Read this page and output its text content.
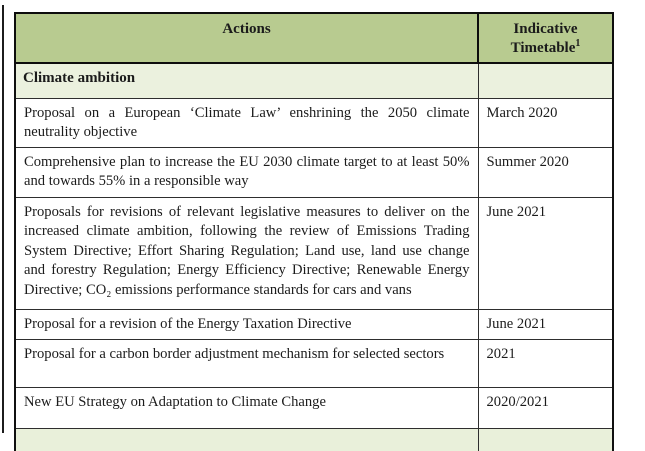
Actions	Indicative Timetable$^1$
Climate ambition	
Proposal on a European ‘Climate Law’ enshrining the 2050 climate neutrality objective	March 2020
Comprehensive plan to increase the EU 2030 climate target to at least 50% and towards 55% in a responsible way	Summer 2020
Proposals for revisions of relevant legislative measures to deliver on the increased climate ambition, following the review of Emissions Trading System Directive; Effort Sharing Regulation; Land use, land use change and forestry Regulation; Energy Efficiency Directive; Renewable Energy Directive; CO₂ emissions performance standards for cars and vans	June 2021
Proposal for a revision of the Energy Taxation Directive	June 2021
Proposal for a carbon border adjustment mechanism for selected sectors	2021
New EU Strategy on Adaptation to Climate Change	2020/2021
